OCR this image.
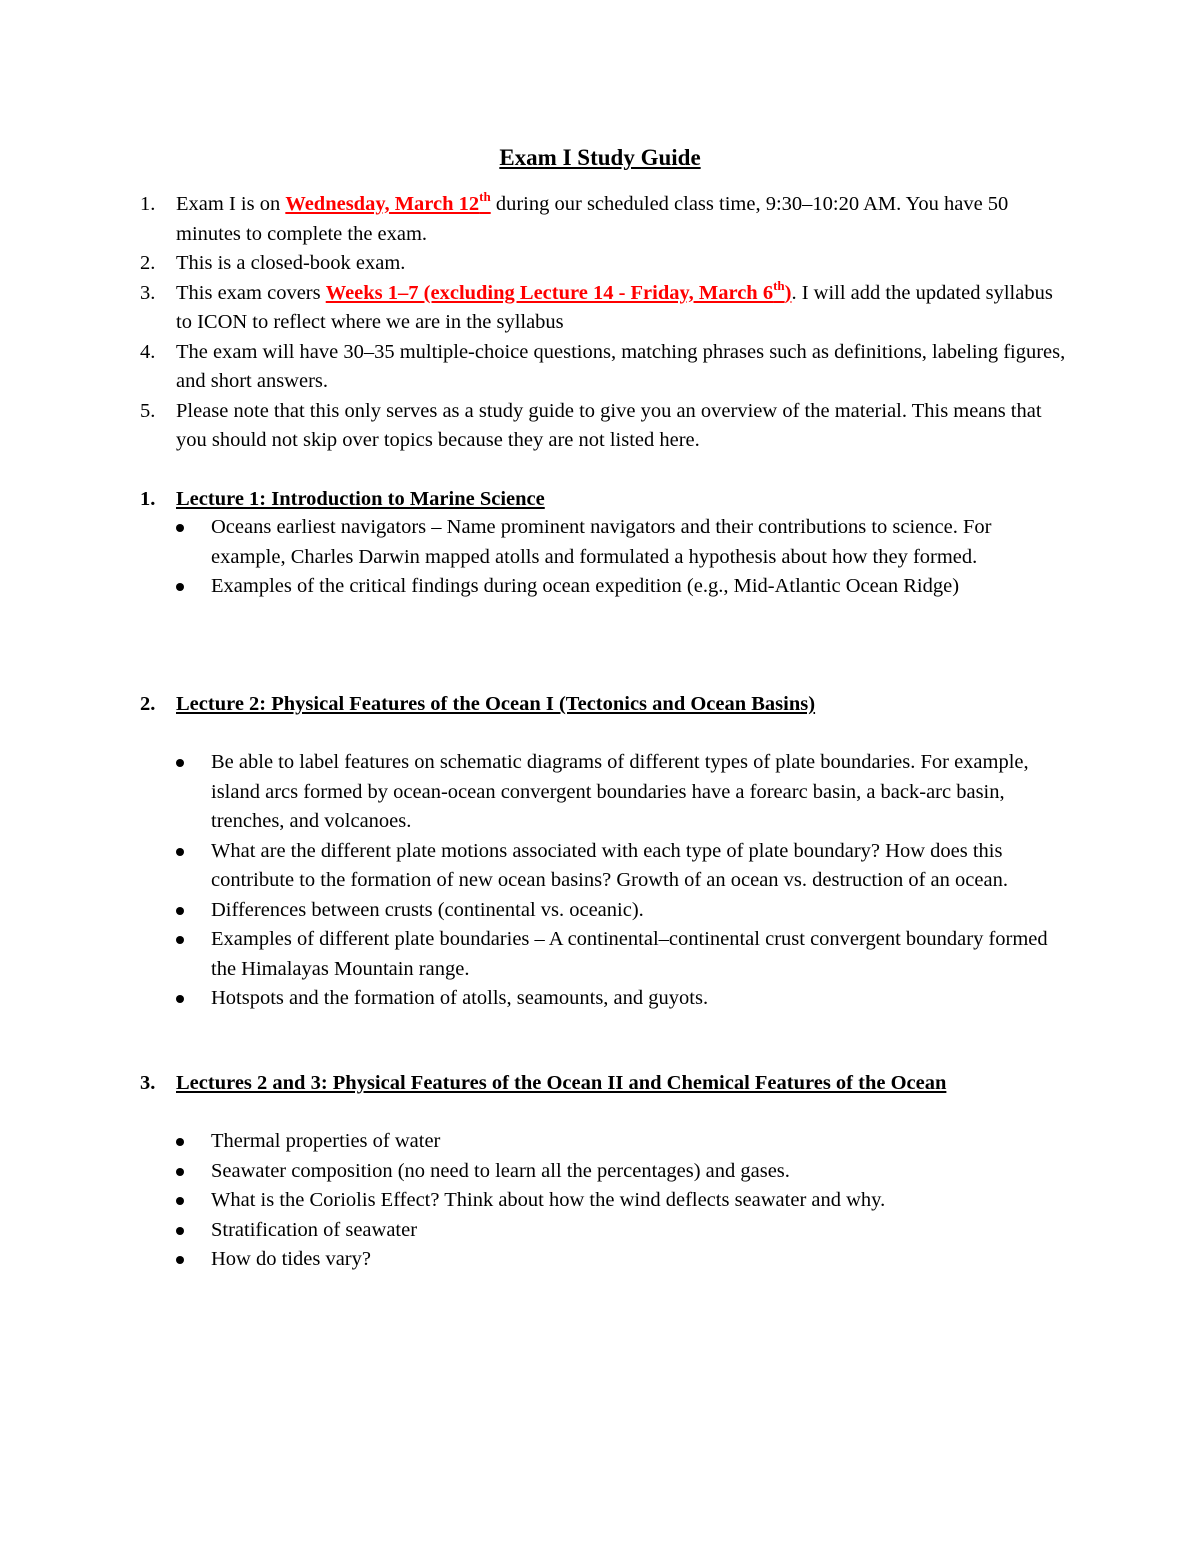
Exam I Study Guide
1.	Exam I is on Wednesday, March 12th during our scheduled class time, 9:30–10:20 AM. You have 50 minutes to complete the exam.
2.	This is a closed-book exam.
3.	This exam covers Weeks 1–7 (excluding Lecture 14 - Friday, March 6th). I will add the updated syllabus to ICON to reflect where we are in the syllabus
4.	The exam will have 30–35 multiple-choice questions, matching phrases such as definitions, labeling figures, and short answers.
5.	Please note that this only serves as a study guide to give you an overview of the material. This means that you should not skip over topics because they are not listed here.
1. Lecture 1: Introduction to Marine Science
Oceans earliest navigators – Name prominent navigators and their contributions to science. For example, Charles Darwin mapped atolls and formulated a hypothesis about how they formed.
Examples of the critical findings during ocean expedition (e.g., Mid-Atlantic Ocean Ridge)
2. Lecture 2: Physical Features of the Ocean I (Tectonics and Ocean Basins)
Be able to label features on schematic diagrams of different types of plate boundaries. For example, island arcs formed by ocean-ocean convergent boundaries have a forearc basin, a back-arc basin, trenches, and volcanoes.
What are the different plate motions associated with each type of plate boundary? How does this contribute to the formation of new ocean basins? Growth of an ocean vs. destruction of an ocean.
Differences between crusts (continental vs. oceanic).
Examples of different plate boundaries – A continental–continental crust convergent boundary formed the Himalayas Mountain range.
Hotspots and the formation of atolls, seamounts, and guyots.
3. Lectures 2 and 3: Physical Features of the Ocean II and Chemical Features of the Ocean
Thermal properties of water
Seawater composition (no need to learn all the percentages) and gases.
What is the Coriolis Effect? Think about how the wind deflects seawater and why.
Stratification of seawater
How do tides vary?
